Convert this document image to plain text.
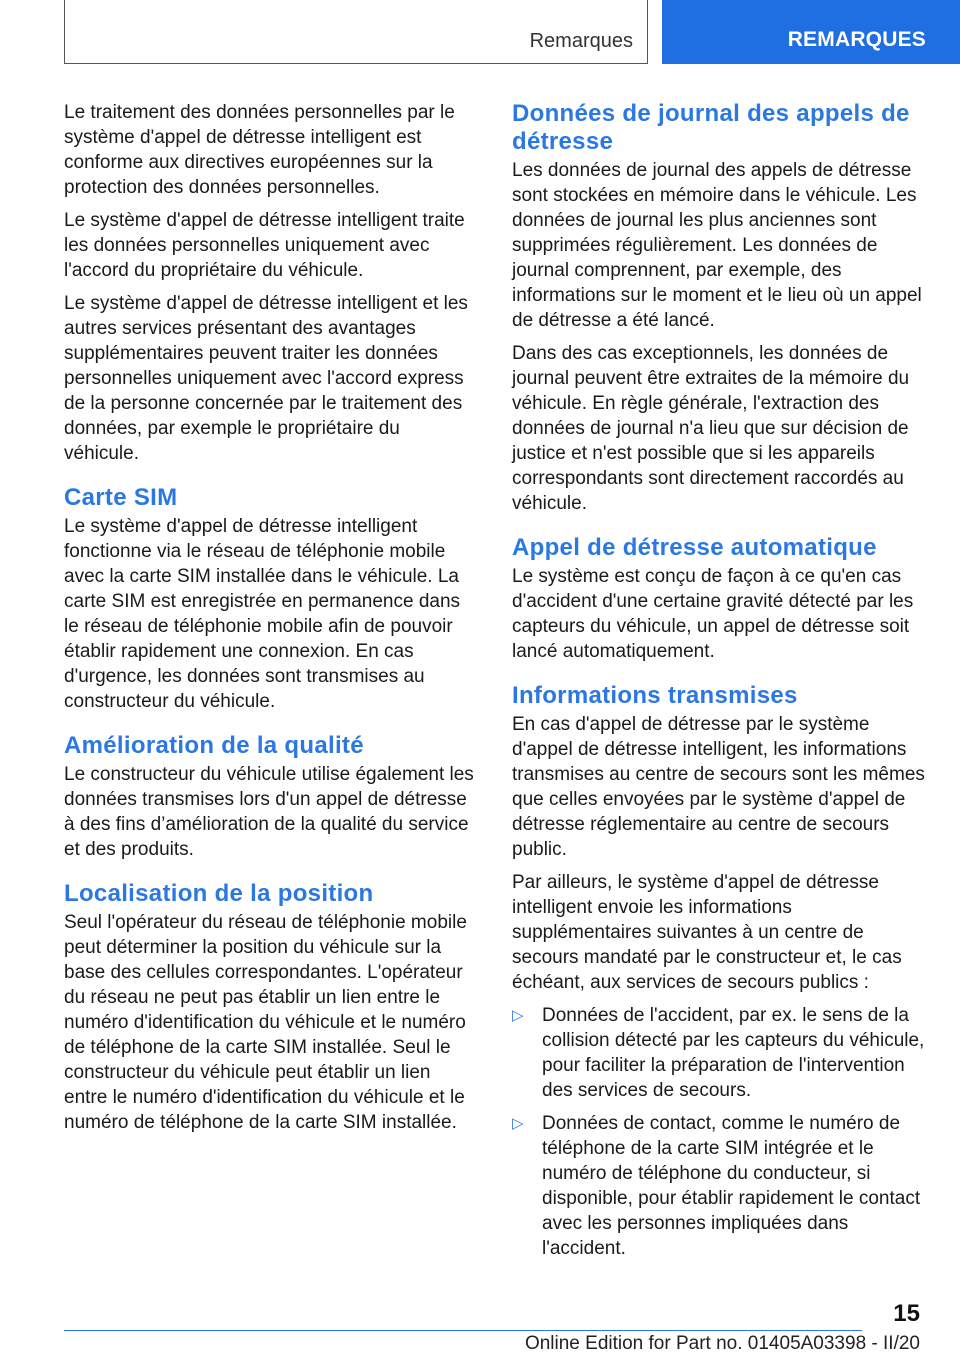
Remarques	REMARQUES

Le traitement des données personnelles par le système d'appel de détresse intelligent est conforme aux directives européennes sur la protection des données personnelles.

Le système d'appel de détresse intelligent traite les données personnelles uniquement avec l'accord du propriétaire du véhicule.

Le système d'appel de détresse intelligent et les autres services présentant des avantages supplémentaires peuvent traiter les données personnelles uniquement avec l'accord express de la personne concernée par le traitement des données, par exemple le propriétaire du véhicule.

Carte SIM

Le système d'appel de détresse intelligent fonctionne via le réseau de téléphonie mobile avec la carte SIM installée dans le véhicule. La carte SIM est enregistrée en permanence dans le réseau de téléphonie mobile afin de pouvoir établir rapidement une connexion. En cas d'urgence, les données sont transmises au constructeur du véhicule.

Amélioration de la qualité

Le constructeur du véhicule utilise également les données transmises lors d'un appel de détresse à des fins d’amélioration de la qualité du service et des produits.

Localisation de la position

Seul l'opérateur du réseau de téléphonie mobile peut déterminer la position du véhicule sur la base des cellules correspondantes. L'opérateur du réseau ne peut pas établir un lien entre le numéro d'identification du véhicule et le numéro de téléphone de la carte SIM installée. Seul le constructeur du véhicule peut établir un lien entre le numéro d'identification du véhicule et le numéro de téléphone de la carte SIM installée.

Données de journal des appels de détresse

Les données de journal des appels de détresse sont stockées en mémoire dans le véhicule. Les données de journal les plus anciennes sont supprimées régulièrement. Les données de journal comprennent, par exemple, des informations sur le moment et le lieu où un appel de détresse a été lancé.

Dans des cas exceptionnels, les données de journal peuvent être extraites de la mémoire du véhicule. En règle générale, l'extraction des données de journal n'a lieu que sur décision de justice et n'est possible que si les appareils correspondants sont directement raccordés au véhicule.

Appel de détresse automatique

Le système est conçu de façon à ce qu'en cas d'accident d'une certaine gravité détecté par les capteurs du véhicule, un appel de détresse soit lancé automatiquement.

Informations transmises

En cas d'appel de détresse par le système d'appel de détresse intelligent, les informations transmises au centre de secours sont les mêmes que celles envoyées par le système d'appel de détresse réglementaire au centre de secours public.

Par ailleurs, le système d'appel de détresse intelligent envoie les informations supplémentaires suivantes à un centre de secours mandaté par le constructeur et, le cas échéant, aux services de secours publics :

▷ Données de l'accident, par ex. le sens de la collision détecté par les capteurs du véhicule, pour faciliter la préparation de l'intervention des services de secours.
▷ Données de contact, comme le numéro de téléphone de la carte SIM intégrée et le numéro de téléphone du conducteur, si disponible, pour établir rapidement le contact avec les personnes impliquées dans l'accident.
15
Online Edition for Part no. 01405A03398 - II/20
